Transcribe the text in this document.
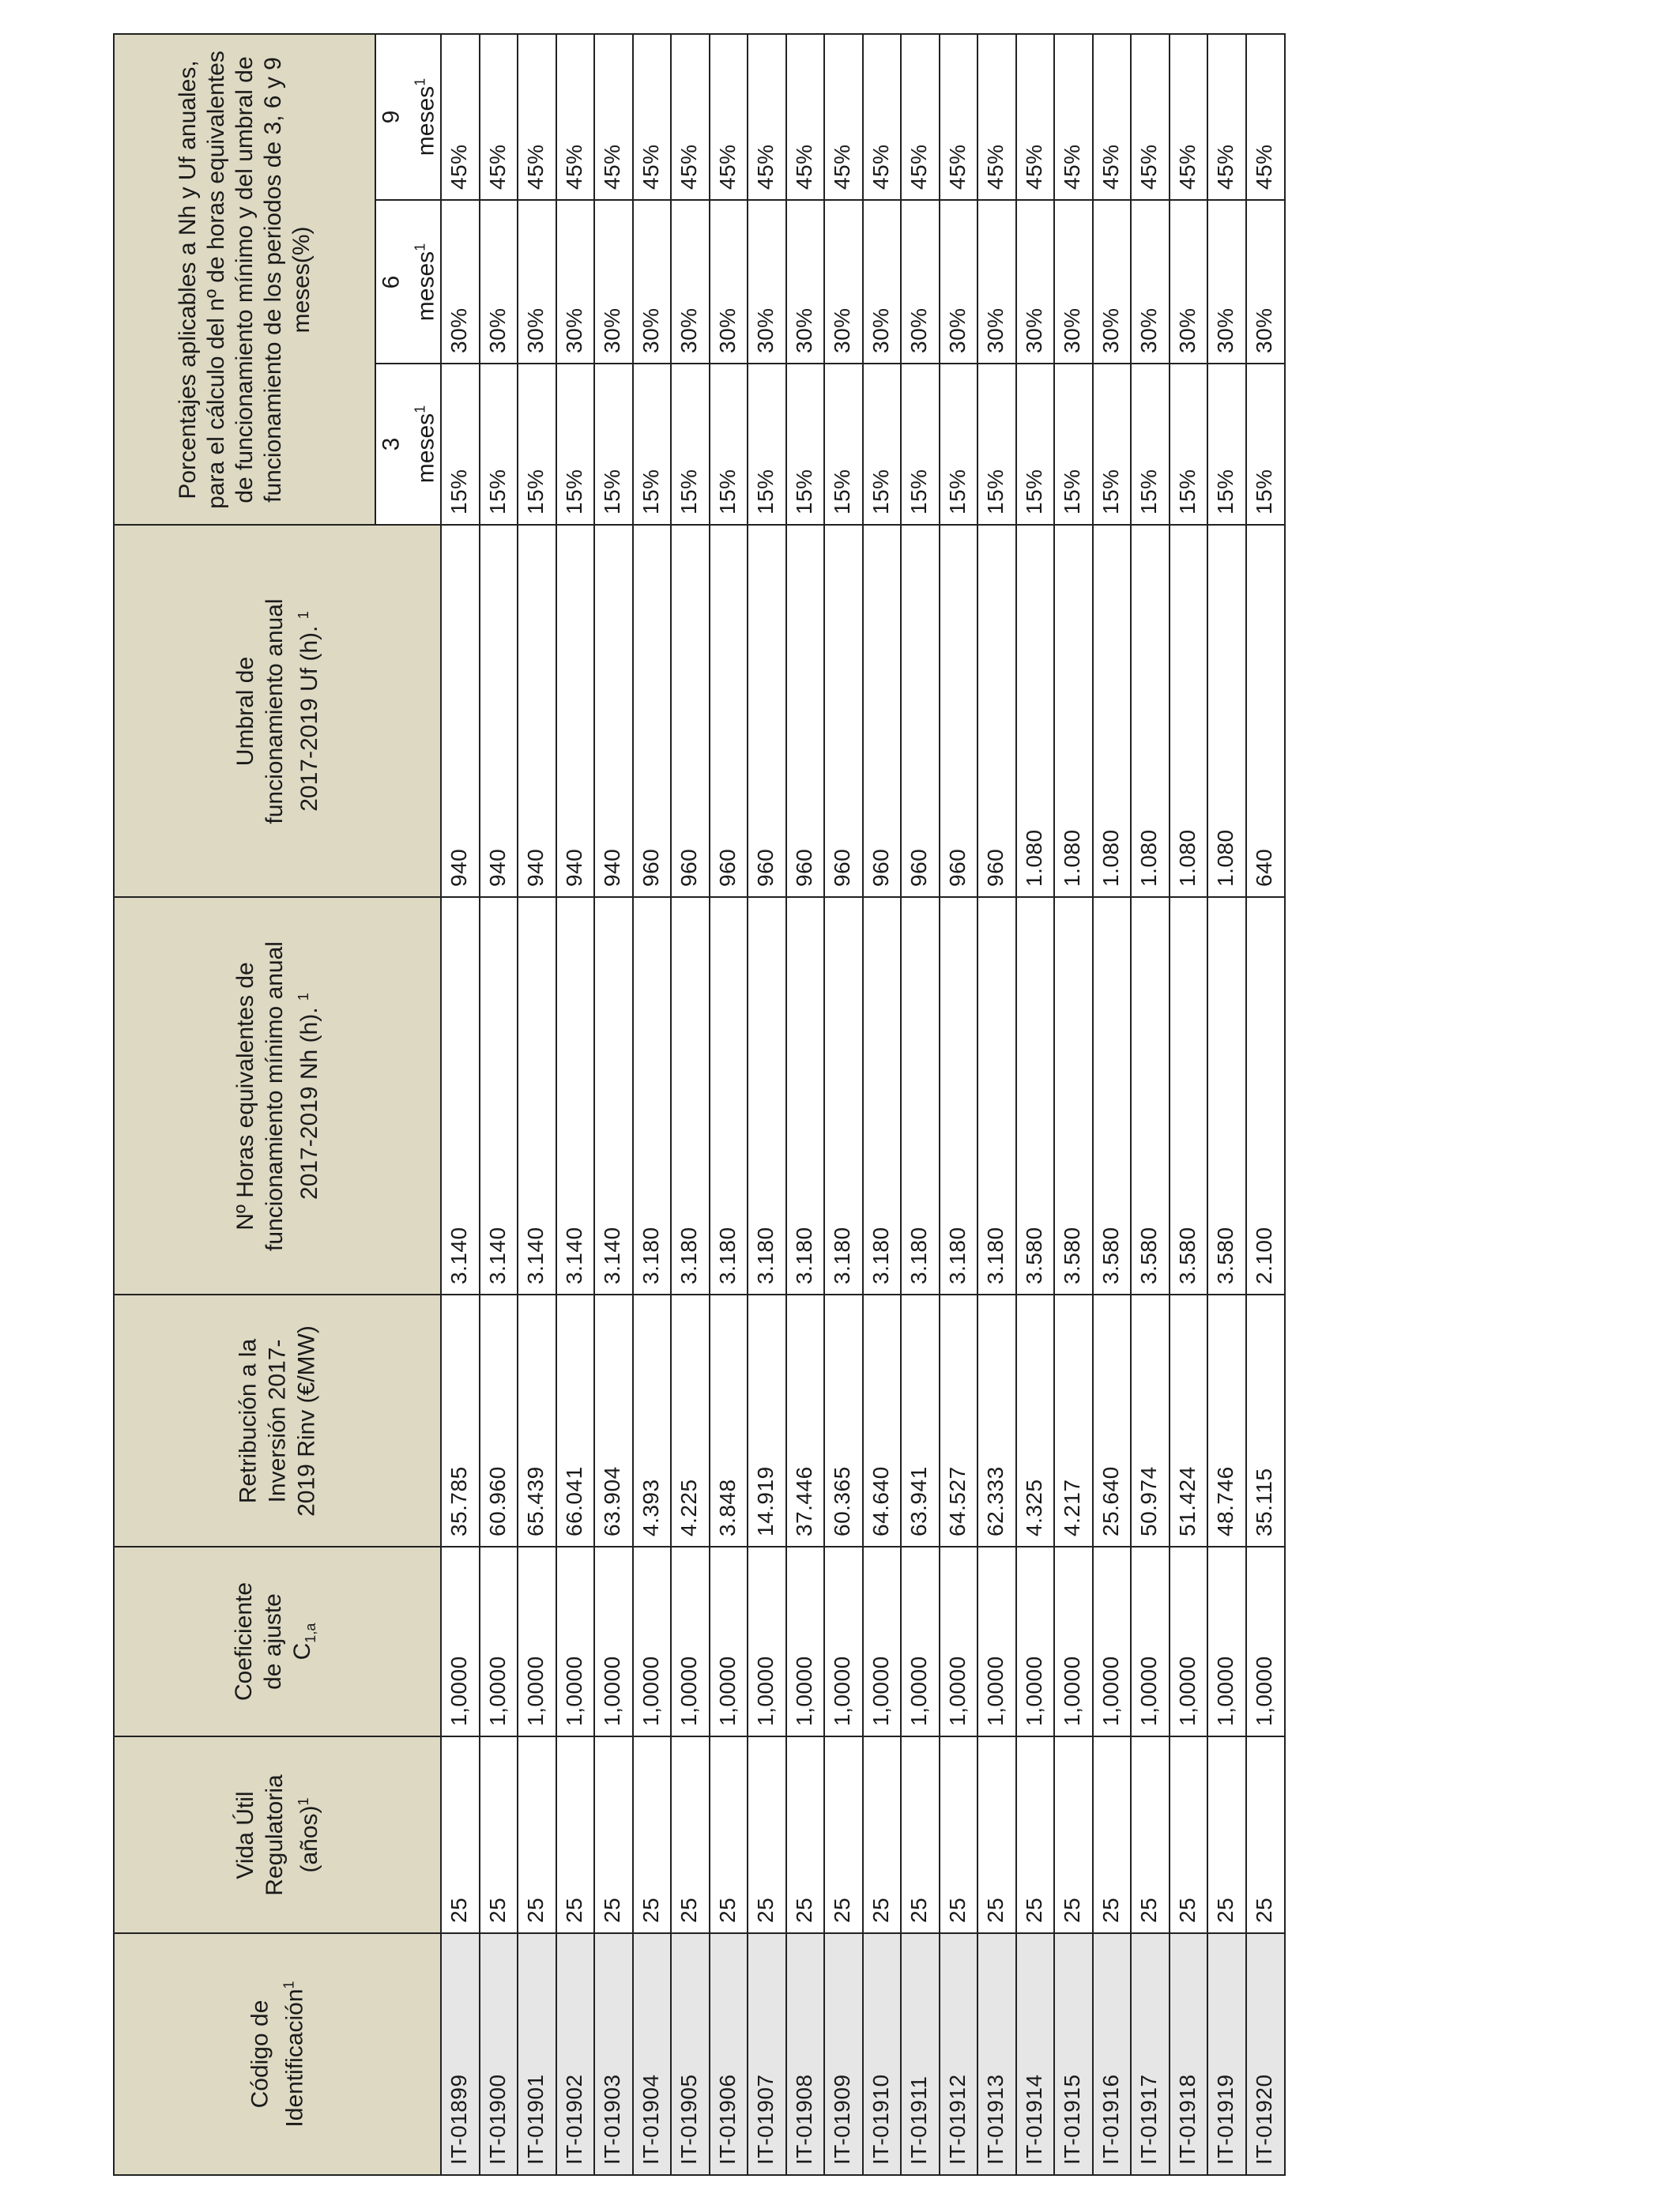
Código de Identificación$^1$
Vida Útil Regulatoria (años)$^1$
Coeficiente de ajuste $C_{1,a}$
Retribución a la Inversión 2017-2019 Rinv (€/MW)
Nº Horas equivalentes de funcionamiento mínimo anual 2017-2019 Nh (h). $^1$
Umbral de funcionamiento anual 2017-2019 Uf (h). $^1$
Porcentajes aplicables a Nh y Uf anuales, para el cálculo del nº de horas equivalentes de funcionamiento mínimo y del umbral de funcionamiento de los periodos de 3, 6 y 9 meses(%)
3 meses$^1$
6 meses$^1$
9 meses$^1$
IT-01899
25
1,0000
35.785
3.140
940
15%
30%
45%
IT-01900
25
1,0000
60.960
3.140
940
15%
30%
45%
IT-01901
25
1,0000
65.439
3.140
940
15%
30%
45%
IT-01902
25
1,0000
66.041
3.140
940
15%
30%
45%
IT-01903
25
1,0000
63.904
3.140
940
15%
30%
45%
IT-01904
25
1,0000
4.393
3.180
960
15%
30%
45%
IT-01905
25
1,0000
4.225
3.180
960
15%
30%
45%
IT-01906
25
1,0000
3.848
3.180
960
15%
30%
45%
IT-01907
25
1,0000
14.919
3.180
960
15%
30%
45%
IT-01908
25
1,0000
37.446
3.180
960
15%
30%
45%
IT-01909
25
1,0000
60.365
3.180
960
15%
30%
45%
IT-01910
25
1,0000
64.640
3.180
960
15%
30%
45%
IT-01911
25
1,0000
63.941
3.180
960
15%
30%
45%
IT-01912
25
1,0000
64.527
3.180
960
15%
30%
45%
IT-01913
25
1,0000
62.333
3.180
960
15%
30%
45%
IT-01914
25
1,0000
4.325
3.580
1.080
15%
30%
45%
IT-01915
25
1,0000
4.217
3.580
1.080
15%
30%
45%
IT-01916
25
1,0000
25.640
3.580
1.080
15%
30%
45%
IT-01917
25
1,0000
50.974
3.580
1.080
15%
30%
45%
IT-01918
25
1,0000
51.424
3.580
1.080
15%
30%
45%
IT-01919
25
1,0000
48.746
3.580
1.080
15%
30%
45%
IT-01920
25
1,0000
35.115
2.100
640
15%
30%
45%
